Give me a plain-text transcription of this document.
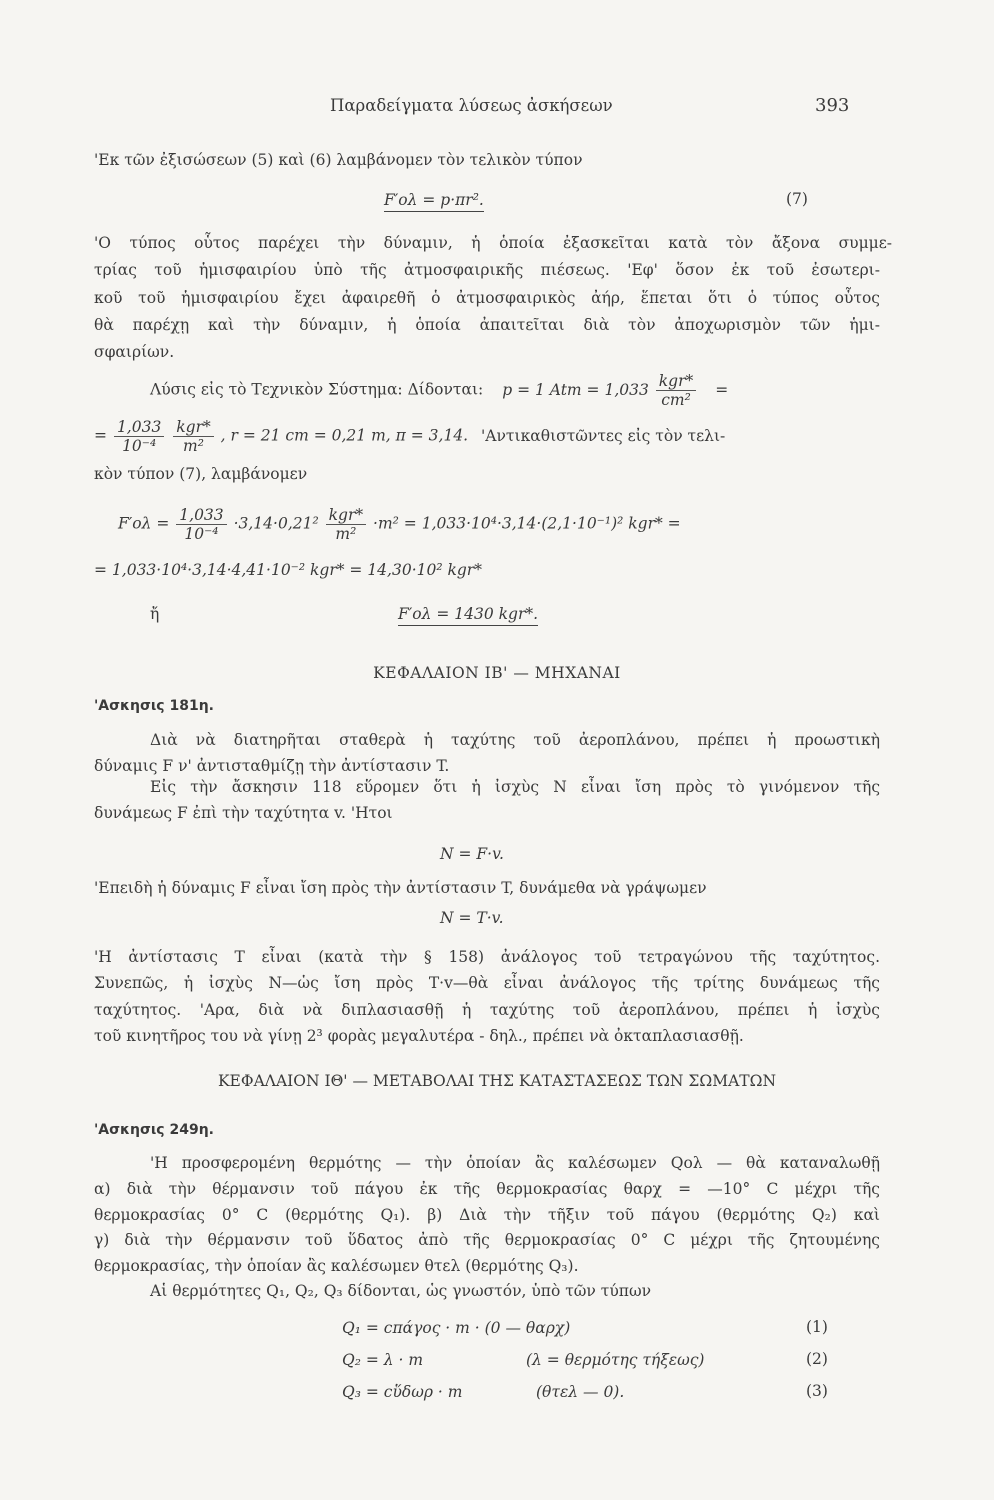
Παραδείγματα λύσεως ἀσκήσεων	393
'Εκ τῶν ἐξισώσεων (5) καὶ (6) λαμβάνομεν τὸν τελικὸν τύπον
F′ολ = p·πr².	(7)
'Ο τύπος οὗτος παρέχει τὴν δύναμιν, ἡ ὁποία ἐξασκεῖται κατὰ τὸν ἄξονα συμμε-
τρίας τοῦ ἡμισφαιρίου ὑπὸ τῆς ἀτμοσφαιρικῆς πιέσεως. 'Εφ' ὅσον ἐκ τοῦ ἐσωτερι-
κοῦ τοῦ ἡμισφαιρίου ἔχει ἀφαιρεθῆ ὁ ἀτμοσφαιρικὸς ἀήρ, ἕπεται ὅτι ὁ τύπος οὗτος
θὰ παρέχῃ καὶ τὴν δύναμιν, ἡ ὁποία ἀπαιτεῖται διὰ τὸν ἀποχωρισμὸν τῶν ἡμι-
σφαιρίων.
Λύσις εἰς τὸ Τεχνικὸν Σύστημα: Δίδονται: p = 1 Atm = $1,033 \frac{\text{kgr*}}{\text{cm²}}$ =
= $\frac{1,033}{\text{10⁻⁴}}$
$\frac{\text{kgr*}}{\text{m²}}$ , r = 21 cm = 0,21 m, π = 3,14. 'Αντικαθιστῶντες εἰς τὸν τελι-
κὸν τύπον (7), λαμβάνομεν
$F'o\lambda = \frac{1,033}{\text{10⁻⁴}} \cdot 3,14\cdot 0,21^2 \frac{\text{kgr*}}{\text{m²}} \cdot m^2 = 1,033\cdot 10^4\cdot 3,14\cdot(2,1\cdot 10^{-1})^2$ kgr* =
= 1,033·10⁴·3,14·4,41·10⁻² kgr* = 14,30·10² kgr*
ἤ	F′ολ = 1430 kgr*.
ΚΕΦΑΛΑΙΟΝ ΙΒ' — ΜΗΧΑΝΑΙ
'Ασκησις 181η.
Διὰ νὰ διατηρῆται σταθερὰ ἡ ταχύτης τοῦ ἀεροπλάνου, πρέπει ἡ προωστικὴ
δύναμις F ν' ἀντισταθμίζῃ τὴν ἀντίστασιν T.
Εἰς τὴν ἄσκησιν 118 εὕρομεν ὅτι ἡ ἰσχὺς N εἶναι ἴση πρὸς τὸ γινόμενον τῆς
δυνάμεως F ἐπὶ τὴν ταχύτητα v. 'Ητοι
N = F·v.
'Επειδὴ ἡ δύναμις F εἶναι ἴση πρὸς τὴν ἀντίστασιν T, δυνάμεθα νὰ γράψωμεν
N = T·v.
'Η ἀντίστασις T εἶναι (κατὰ τὴν § 158) ἀνάλογος τοῦ τετραγώνου τῆς ταχύτητος.
Συνεπῶς, ἡ ἰσχὺς N—ὡς ἴση πρὸς T·v—θὰ εἶναι ἀνάλογος τῆς τρίτης δυνάμεως τῆς
ταχύτητος. 'Αρα, διὰ νὰ διπλασιασθῇ ἡ ταχύτης τοῦ ἀεροπλάνου, πρέπει ἡ ἰσχὺς
τοῦ κινητῆρος του νὰ γίνῃ 2³ φορὰς μεγαλυτέρα - δηλ., πρέπει νὰ ὀκταπλασιασθῇ.
ΚΕΦΑΛΑΙΟΝ ΙΘ' — ΜΕΤΑΒΟΛΑΙ ΤΗΣ ΚΑΤΑΣΤΑΣΕΩΣ ΤΩΝ ΣΩΜΑΤΩΝ
'Ασκησις 249η.
'Η προσφερομένη θερμότης — τὴν ὁποίαν ἂς καλέσωμεν Qολ — θὰ καταναλωθῇ
α) διὰ τὴν θέρμανσιν τοῦ πάγου ἐκ τῆς θερμοκρασίας θαρχ = —10° C μέχρι τῆς
θερμοκρασίας 0° C (θερμότης Q₁). β) Διὰ τὴν τῆξιν τοῦ πάγου (θερμότης Q₂) καὶ
γ) διὰ τὴν θέρμανσιν τοῦ ὕδατος ἀπὸ τῆς θερμοκρασίας 0° C μέχρι τῆς ζητουμένης
θερμοκρασίας, τὴν ὁποίαν ἂς καλέσωμεν θτελ (θερμότης Q₃).
Αἱ θερμότητες Q₁, Q₂, Q₃ δίδονται, ὡς γνωστόν, ὑπὸ τῶν τύπων
Q₁ = cπάγος · m · (0 — θαρχ)	(1)
Q₂ = λ · m	(λ = θερμότης τήξεως)	(2)
Q₃ = cὕδωρ · m	(θτελ — 0).	(3)
